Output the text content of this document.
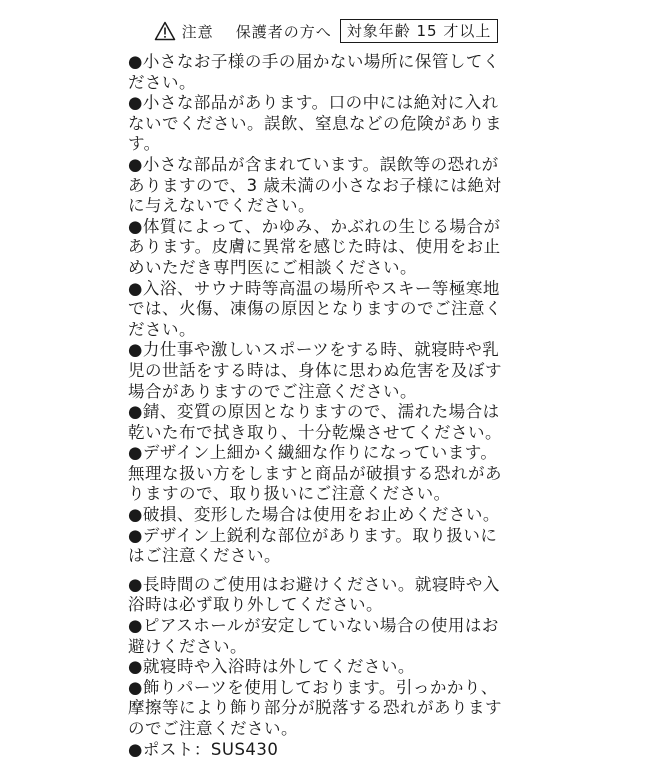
注意 保護者の方へ	対象年齢 15 才以上
●小さなお子様の手の届かない場所に保管してく
ださい。
●小さな部品があります。口の中には絶対に入れ
ないでください。誤飲、窒息などの危険があります。
●小さな部品が含まれています。誤飲等の恐れが
ありますので、3 歳未満の小さなお子様には絶対
に与えないでください。
●体質によって、かゆみ、かぶれの生じる場合が
あります。皮膚に異常を感じた時は、使用をお止
めいただき専門医にご相談ください。
●入浴、サウナ時等高温の場所やスキー等極寒地
では、火傷、凍傷の原因となりますのでご注意く
ださい。
●力仕事や激しいスポーツをする時、就寝時や乳
児の世話をする時は、身体に思わぬ危害を及ぼす
場合がありますのでご注意ください。
●錆、変質の原因となりますので、濡れた場合は
乾いた布で拭き取り、十分乾燥させてください。
●デザイン上細かく繊細な作りになっています。
無理な扱い方をしますと商品が破損する恐れがあ
りますので、取り扱いにご注意ください。
●破損、変形した場合は使用をお止めください。
●デザイン上鋭利な部位があります。取り扱いに
はご注意ください。
●長時間のご使用はお避けください。就寝時や入
浴時は必ず取り外してください。
●ピアスホールが安定していない場合の使用はお
避けください。
●就寝時や入浴時は外してください。
●飾りパーツを使用しております。引っかかり、
摩擦等により飾り部分が脱落する恐れがあります
のでご注意ください。
●ポスト：SUS430
